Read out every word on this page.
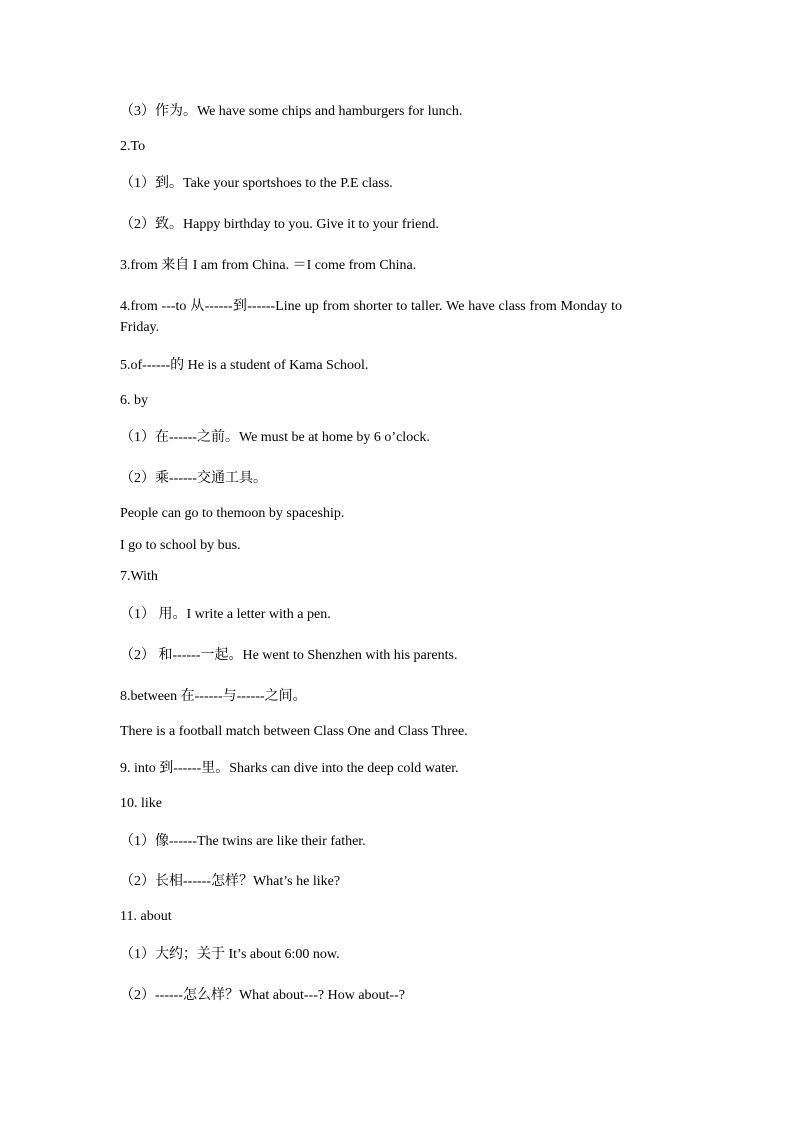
（3）作为。We have some chips and hamburgers for lunch.
2.To
（1）到。Take your sportshoes to the P.E class.
（2）致。Happy birthday to you. Give it to your friend.
3.from 来自 I am from China. ＝I come from China.
4.from ---to 从------到------Line up from shorter to taller. We have class from Monday to Friday.
5.of------的 He is a student of Kama School.
6. by
（1）在------之前。We must be at home by 6 o’clock.
（2）乘------交通工具。
People can go to themoon by spaceship.
I go to school by bus.
7.With
（1） 用。I write a letter with a pen.
（2） 和------一起。He went to Shenzhen with his parents.
8.between 在------与------之间。
There is a football match between Class One and Class Three.
9. into 到------里。Sharks can dive into the deep cold water.
10. like
（1）像------The twins are like their father.
（2）长相------怎样？What’s he like?
11. about
（1）大约；关于 It’s about 6:00 now.
（2）------怎么样？What about---? How about--?
